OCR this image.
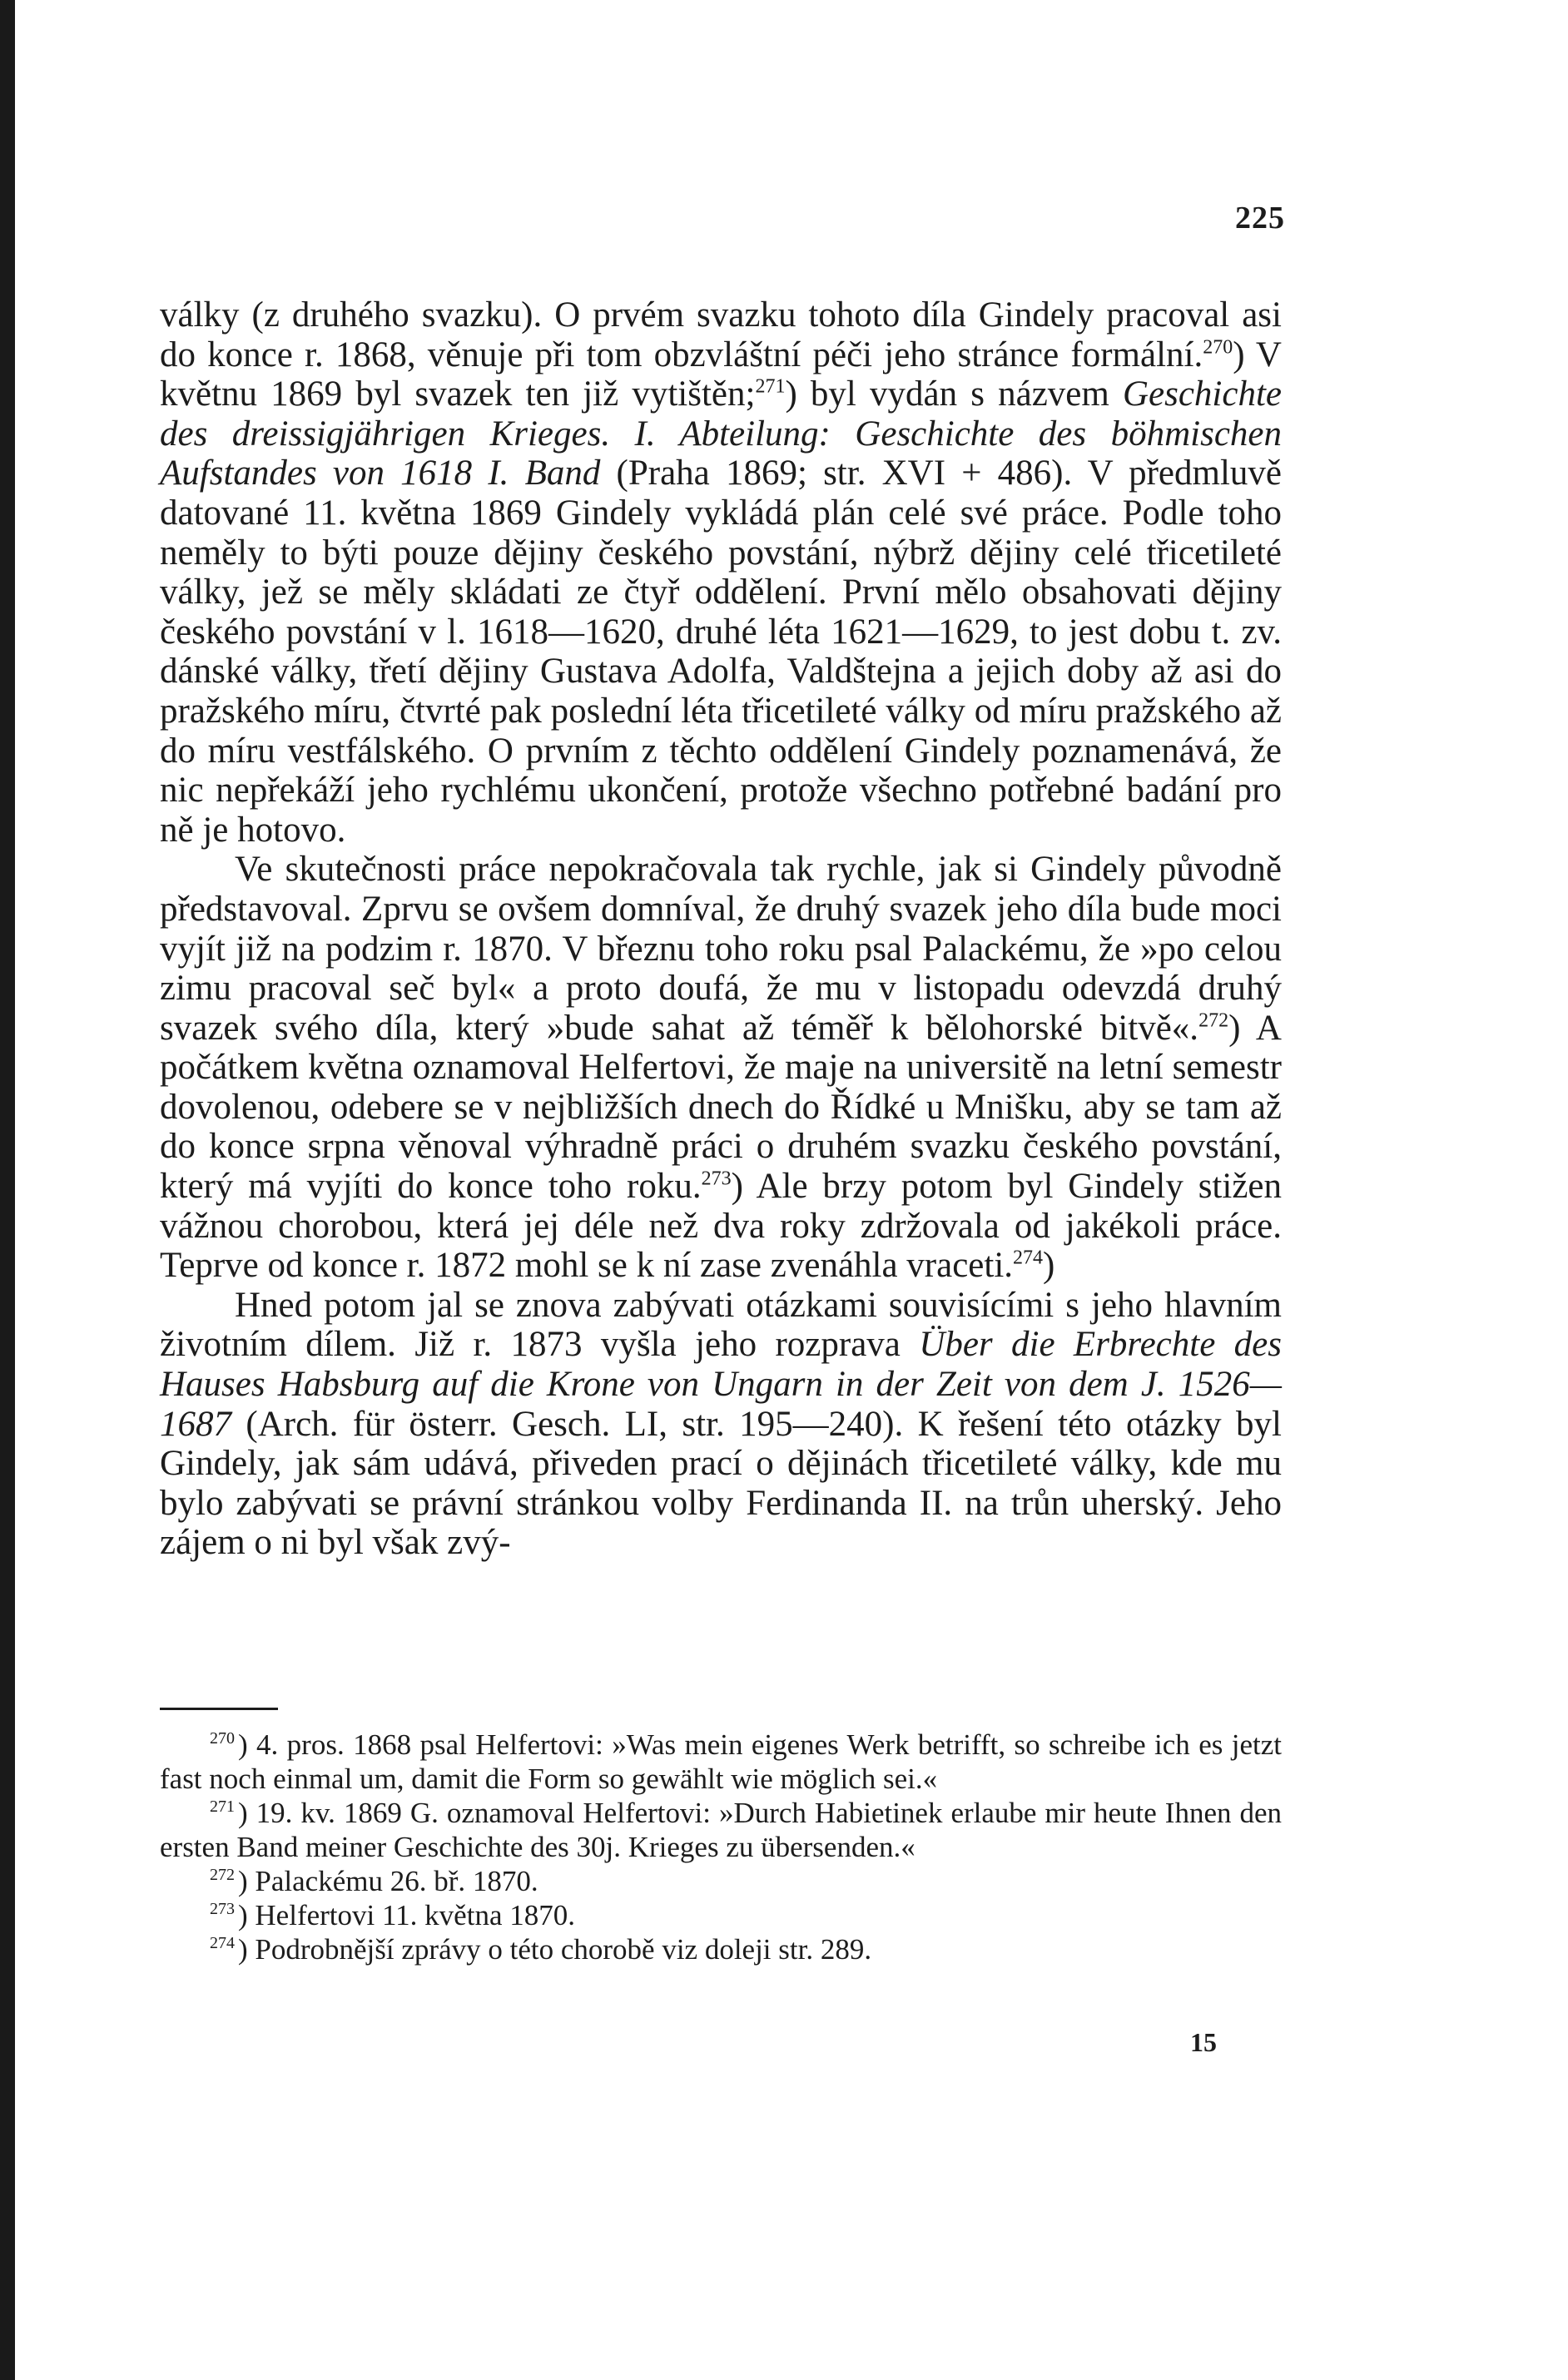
225

války (z druhého svazku). O prvém svazku tohoto díla Gindely pracoval asi do konce r. 1868, věnuje při tom obzvláštní péči jeho stránce formální.$^{270}$) V květnu 1869 byl svazek ten již vytištěn;$^{271}$) byl vydán s názvem Geschichte des dreissigjährigen Krieges. I. Abteilung: Geschichte des böhmischen Aufstandes von 1618 I. Band (Praha 1869; str. XVI + 486). V předmluvě datované 11. května 1869 Gindely vykládá plán celé své práce. Podle toho neměly to býti pouze dějiny českého povstání, nýbrž dějiny celé třicetileté války, jež se měly skládati ze čtyř oddělení. První mělo obsahovati dějiny českého povstání v l. 1618—1620, druhé léta 1621—1629, to jest dobu t. zv. dánské války, třetí dějiny Gustava Adolfa, Valdštejna a jejich doby až asi do pražského míru, čtvrté pak poslední léta třicetileté války od míru pražského až do míru vestfálského. O prvním z těchto oddělení Gindely poznamenává, že nic nepřekáží jeho rychlému ukončení, protože všechno potřebné badání pro ně je hotovo.

Ve skutečnosti práce nepokračovala tak rychle, jak si Gindely původně představoval. Zprvu se ovšem domníval, že druhý svazek jeho díla bude moci vyjít již na podzim r. 1870. V březnu toho roku psal Palackému, že »po celou zimu pracoval seč byl« a proto doufá, že mu v listopadu odevzdá druhý svazek svého díla, který »bude sahat až téměř k bělohorské bitvě«.$^{272}$) A počátkem května oznamoval Helfertovi, že maje na universitě na letní semestr dovolenou, odebere se v nejbližších dnech do Řídké u Mnišku, aby se tam až do konce srpna věnoval výhradně práci o druhém svazku českého povstání, který má vyjíti do konce toho roku.$^{273}$) Ale brzy potom byl Gindely stižen vážnou chorobou, která jej déle než dva roky zdržovala od jakékoli práce. Teprve od konce r. 1872 mohl se k ní zase zvenáhla vraceti.$^{274}$)

Hned potom jal se znova zabývati otázkami souvisícími s jeho hlavním životním dílem. Již r. 1873 vyšla jeho rozprava Über die Erbrechte des Hauses Habsburg auf die Krone von Ungarn in der Zeit von dem J. 1526—1687 (Arch. für österr. Gesch. LI, str. 195—240). K řešení této otázky byl Gindely, jak sám udává, přiveden prací o dějinách třicetileté války, kde mu bylo zabývati se právní stránkou volby Ferdinanda II. na trůn uherský. Jeho zájem o ni byl však zvý-

$^{270}$ ) 4. pros. 1868 psal Helfertovi: »Was mein eigenes Werk betrifft, so schreibe ich es jetzt fast noch einmal um, damit die Form so gewählt wie möglich sei.«

$^{271}$ ) 19. kv. 1869 G. oznamoval Helfertovi: »Durch Habietinek erlaube mir heute Ihnen den ersten Band meiner Geschichte des 30j. Krieges zu übersenden.«

$^{272}$ ) Palackému 26. bř. 1870.

$^{273}$ ) Helfertovi 11. května 1870.

$^{274}$ ) Podrobnější zprávy o této chorobě viz doleji str. 289.

15
